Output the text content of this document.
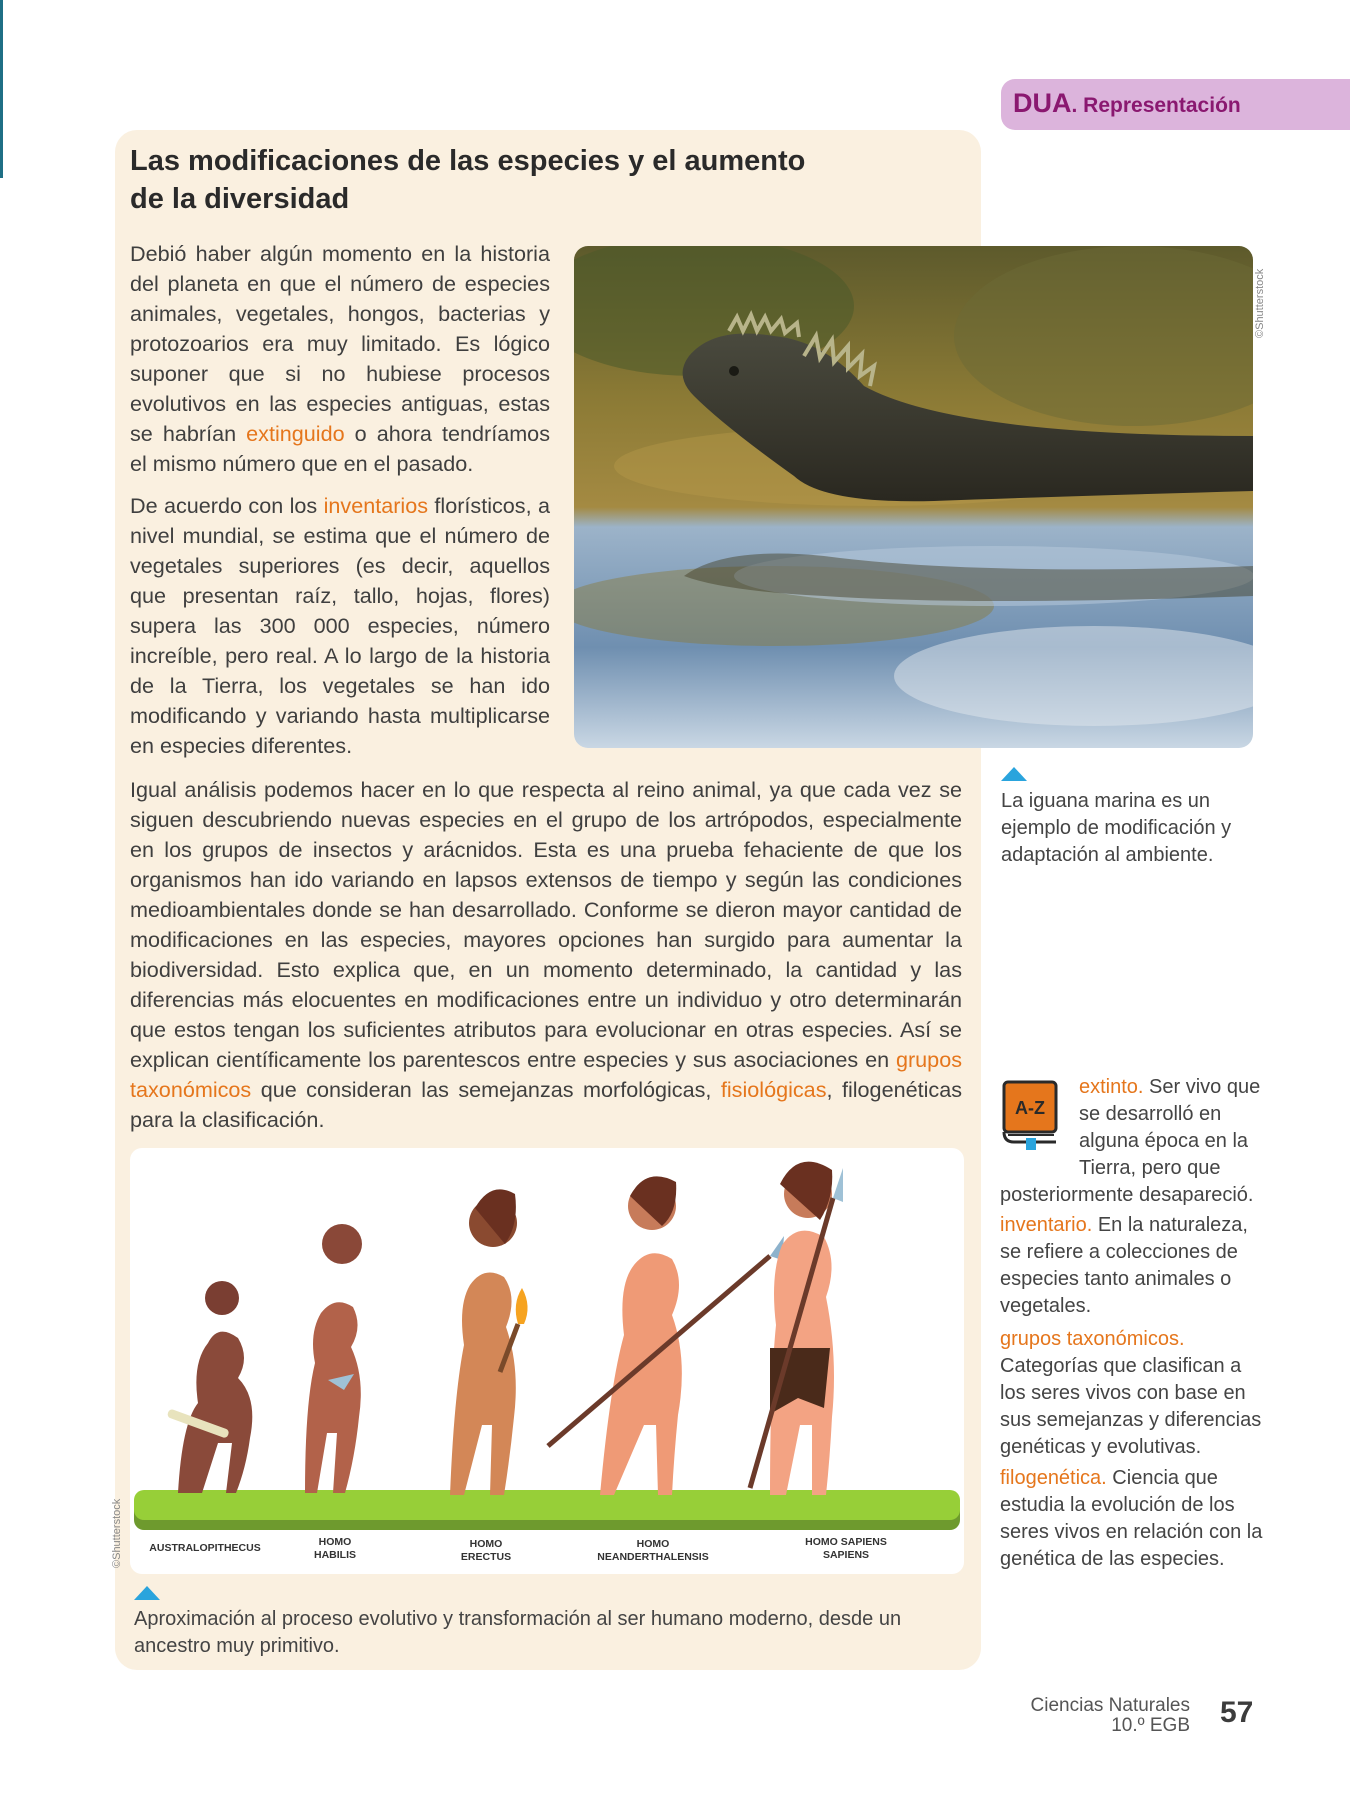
DUA. Representación
Las modificaciones de las especies y el aumento de la diversidad

Debió haber algún momento en la historia del planeta en que el número de especies animales, vegetales, hongos, bacterias y protozoarios era muy limitado. Es lógico suponer que si no hubiese procesos evolutivos en las especies antiguas, estas se habrían extinguido o ahora tendríamos el mismo número que en el pasado.

De acuerdo con los inventarios florísticos, a nivel mundial, se estima que el número de vegetales superiores (es decir, aquellos que presentan raíz, tallo, hojas, flores) supera las 300 000 especies, número increíble, pero real. A lo largo de la historia de la Tierra, los vegetales se han ido modificando y variando hasta multiplicarse en especies diferentes.

©Shutterstock

La iguana marina es un ejemplo de modificación y adaptación al ambiente.

Igual análisis podemos hacer en lo que respecta al reino animal, ya que cada vez se siguen descubriendo nuevas especies en el grupo de los artrópodos, especialmente en los grupos de insectos y arácnidos. Esta es una prueba fehaciente de que los organismos han ido variando en lapsos extensos de tiempo y según las condiciones medioambientales donde se han desarrollado. Conforme se dieron mayor cantidad de modificaciones en las especies, mayores opciones han surgido para aumentar la biodiversidad. Esto explica que, en un momento determinado, la cantidad y las diferencias más elocuentes en modificaciones entre un individuo y otro determinarán que estos tengan los suficientes atributos para evolucionar en otras especies. Así se explican científicamente los parentescos entre especies y sus asociaciones en grupos taxonómicos que consideran las semejanzas morfológicas, fisiológicas, filogenéticas para la clasificación.

AUSTRALOPITHECUS	HOMO
HABILIS
HOMO
ERECTUS
HOMO
NEANDERTHALENSIS
HOMO SAPIENS
SAPIENS
©Shutterstock

Aproximación al proceso evolutivo y transformación al ser humano moderno, desde un ancestro muy primitivo.

A-Z

extinto. Ser vivo que
se desarrolló en alguna época en la Tierra, pero que posteriormente desapareció.

inventario. En la naturaleza, se refiere a colecciones de especies tanto animales o vegetales.

grupos taxonómicos. Categorías que clasifican a los seres vivos con base en sus semejanzas y diferencias genéticas y evolutivas.

filogenética. Ciencia que estudia la evolución de los seres vivos en relación con la genética de las especies.

Ciencias Naturales
10.º EGB 57
